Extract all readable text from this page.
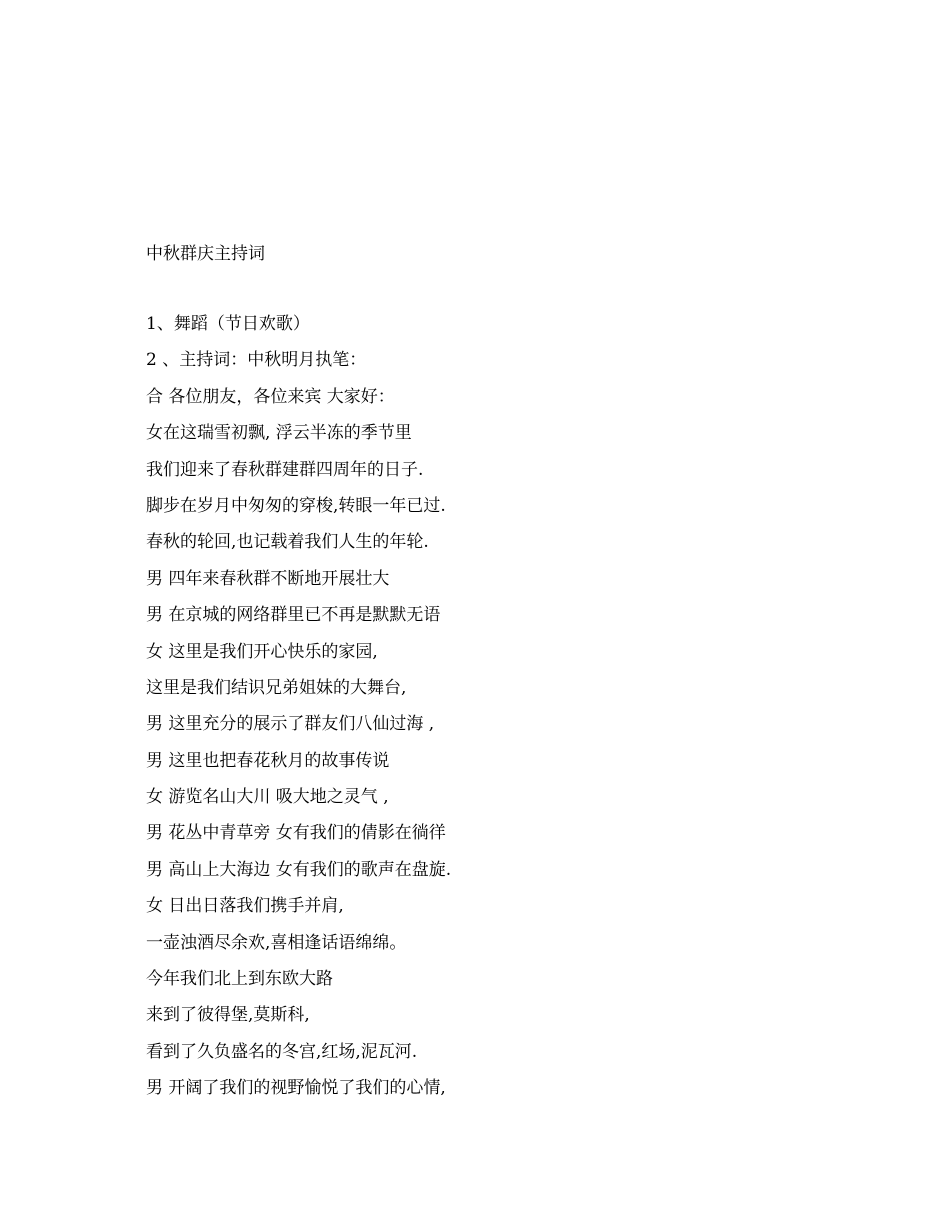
中秋群庆主持词
1、舞蹈（节日欢歌）
2 、主持词：中秋明月执笔：
合 各位朋友，各位来宾 大家好：
女在这瑞雪初飘, 浮云半冻的季节里
我们迎来了春秋群建群四周年的日子.
脚步在岁月中匆匆的穿梭,转眼一年已过.
春秋的轮回,也记载着我们人生的年轮.
男 四年来春秋群不断地开展壮大
男 在京城的网络群里已不再是默默无语
女 这里是我们开心快乐的家园,
这里是我们结识兄弟姐妹的大舞台,
男 这里充分的展示了群友们八仙过海 ,
男 这里也把春花秋月的故事传说
女 游览名山大川 吸大地之灵气 ,
男 花丛中青草旁 女有我们的倩影在徜徉
男 高山上大海边 女有我们的歌声在盘旋.
女 日出日落我们携手并肩,
一壶浊酒尽余欢,喜相逢话语绵绵。
今年我们北上到东欧大路
来到了彼得堡,莫斯科,
看到了久负盛名的冬宫,红场,泥瓦河.
男 开阔了我们的视野愉悦了我们的心情,
